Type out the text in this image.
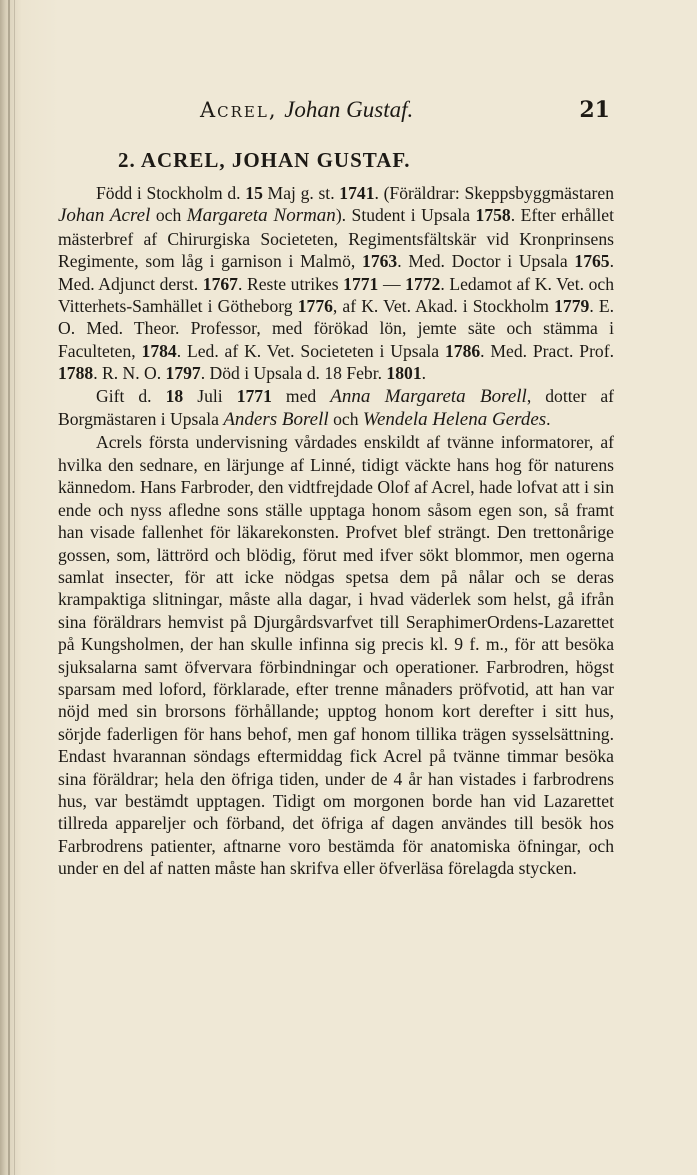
Acrel, Johan Gustaf.	21
2. ACREL, JOHAN GUSTAF.

Född i Stockholm d. 15 Maj g. st. 1741. (Föräldrar: Skeppsbyggmästaren Johan Acrel och Margareta Norman). Student i Upsala 1758. Efter erhållet mästerbref af Chirurgiska Societeten, Regimentsfältskär vid Kronprinsens Regimente, som låg i garnison i Malmö, 1763. Med. Doctor i Upsala 1765. Med. Adjunct derst. 1767. Reste utrikes 1771 — 1772. Ledamot af K. Vet. och Vitterhets-Samhället i Götheborg 1776, af K. Vet. Akad. i Stockholm 1779. E. O. Med. Theor. Professor, med förökad lön, jemte säte och stämma i Faculteten, 1784. Led. af K. Vet. Societeten i Upsala 1786. Med. Pract. Prof. 1788. R. N. O. 1797. Död i Upsala d. 18 Febr. 1801.

Gift d. 18 Juli 1771 med Anna Margareta Borell, dotter af Borgmästaren i Upsala Anders Borell och Wendela Helena Gerdes.

Acrels första undervisning vårdades enskildt af tvänne informatorer, af hvilka den sednare, en lärjunge af Linné, tidigt väckte hans hog för naturens kännedom. Hans Farbroder, den vidtfrejdade Olof af Acrel, hade lofvat att i sin ende och nyss afledne sons ställe upptaga honom såsom egen son, så framt han visade fallenhet för läkarekonsten. Profvet blef strängt. Den trettonårige gossen, som, lättrörd och blödig, förut med ifver sökt blommor, men ogerna samlat insecter, för att icke nödgas spetsa dem på nålar och se deras krampaktiga slitningar, måste alla dagar, i hvad väderlek som helst, gå ifrån sina föräldrars hemvist på Djurgårdsvarfvet till SeraphimerOrdens-Lazarettet på Kungsholmen, der han skulle infinna sig precis kl. 9 f. m., för att besöka sjuksalarna samt öfvervara förbindningar och operationer. Farbrodren, högst sparsam med loford, förklarade, efter trenne månaders pröfvotid, att han var nöjd med sin brorsons förhållande; upptog honom kort derefter i sitt hus, sörjde faderligen för hans behof, men gaf honom tillika trägen sysselsättning. Endast hvarannan söndags eftermiddag fick Acrel på tvänne timmar besöka sina föräldrar; hela den öfriga tiden, under de 4 år han vistades i farbrodrens hus, var bestämdt upptagen. Tidigt om morgonen borde han vid Lazarettet tillreda appareljer och förband, det öfriga af dagen användes till besök hos Farbrodrens patienter, aftnarne voro bestämda för anatomiska öfningar, och under en del af natten måste han skrifva eller öfverläsa förelagda stycken.
